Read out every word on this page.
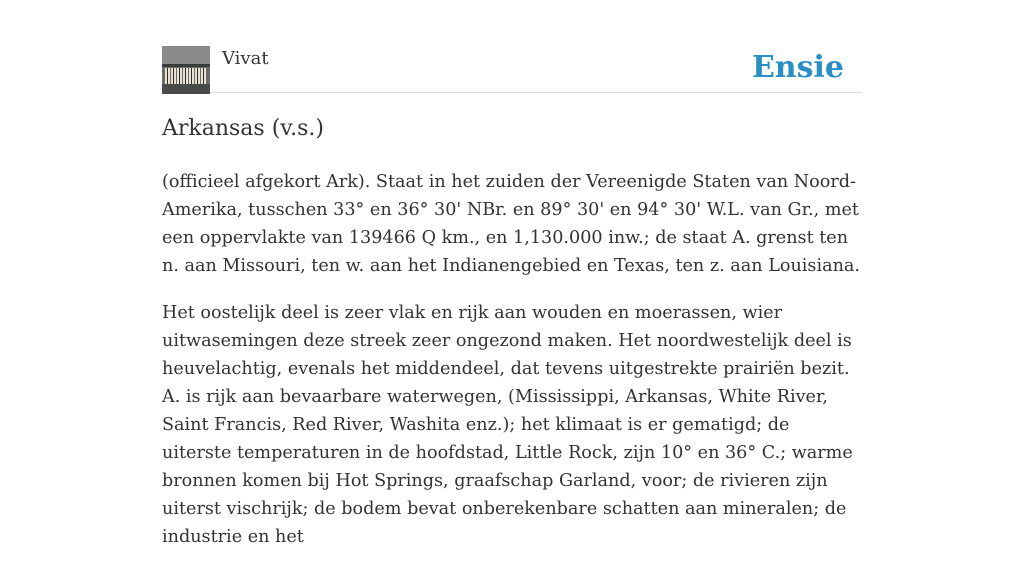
Vivat	Ensie
Arkansas (v.s.)

(officieel afgekort Ark). Staat in het zuiden der Vereenigde Staten van Noord-Amerika, tusschen 33° en 36° 30' NBr. en 89° 30' en 94° 30' W.L. van Gr., met een oppervlakte van 139466 Q km., en 1,130.000 inw.; de staat A. grenst ten n. aan Missouri, ten w. aan het Indianengebied en Texas, ten z. aan Louisiana.

Het oostelijk deel is zeer vlak en rijk aan wouden en moerassen, wier uitwasemingen deze streek zeer ongezond maken. Het noordwestelijk deel is heuvelachtig, evenals het middendeel, dat tevens uitgestrekte prairiën bezit. A. is rijk aan bevaarbare waterwegen, (Mississippi, Arkansas, White River, Saint Francis, Red River, Washita enz.); het klimaat is er gematigd; de uiterste temperaturen in de hoofdstad, Little Rock, zijn 10° en 36° C.; warme bronnen komen bij Hot Springs, graafschap Garland, voor; de rivieren zijn uiterst vischrijk; de bodem bevat onberekenbare schatten aan mineralen; de industrie en het
